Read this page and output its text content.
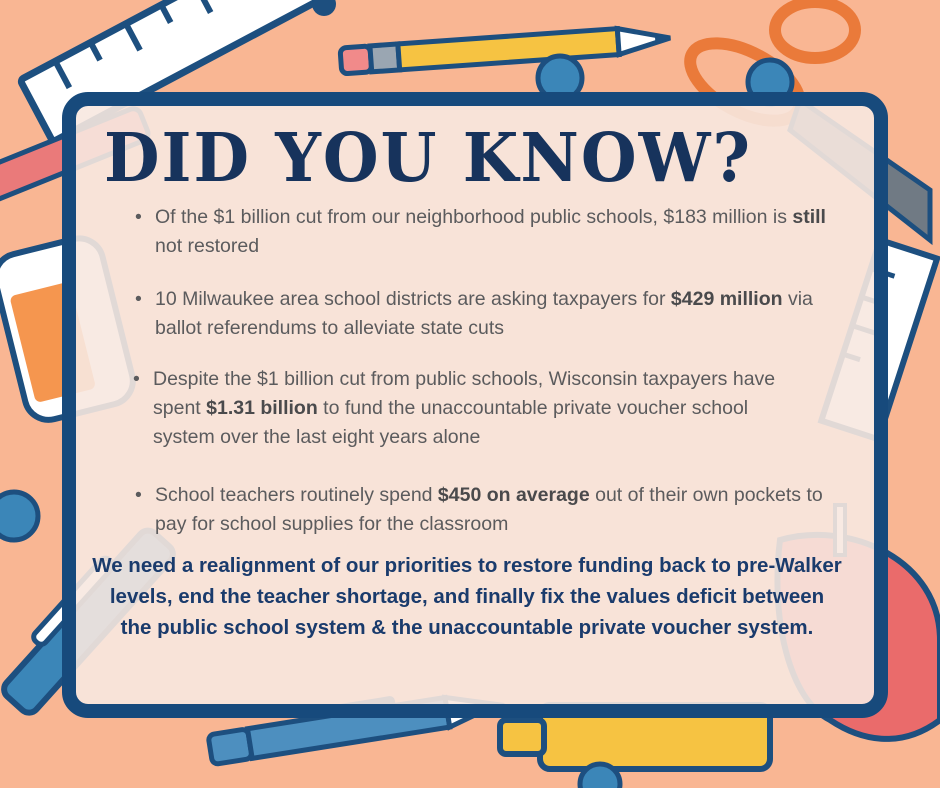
DID YOU KNOW?
• Of the $1 billion cut from our neighborhood public schools, $183 million is still not restored
• 10 Milwaukee area school districts are asking taxpayers for $429 million via ballot referendums to alleviate state cuts
• Despite the $1 billion cut from public schools, Wisconsin taxpayers have spent $1.31 billion to fund the unaccountable private voucher school system over the last eight years alone
• School teachers routinely spend $450 on average out of their own pockets to pay for school supplies for the classroom

We need a realignment of our priorities to restore funding back to pre-Walker levels, end the teacher shortage, and finally fix the values deficit between the public school system & the unaccountable private voucher system.
